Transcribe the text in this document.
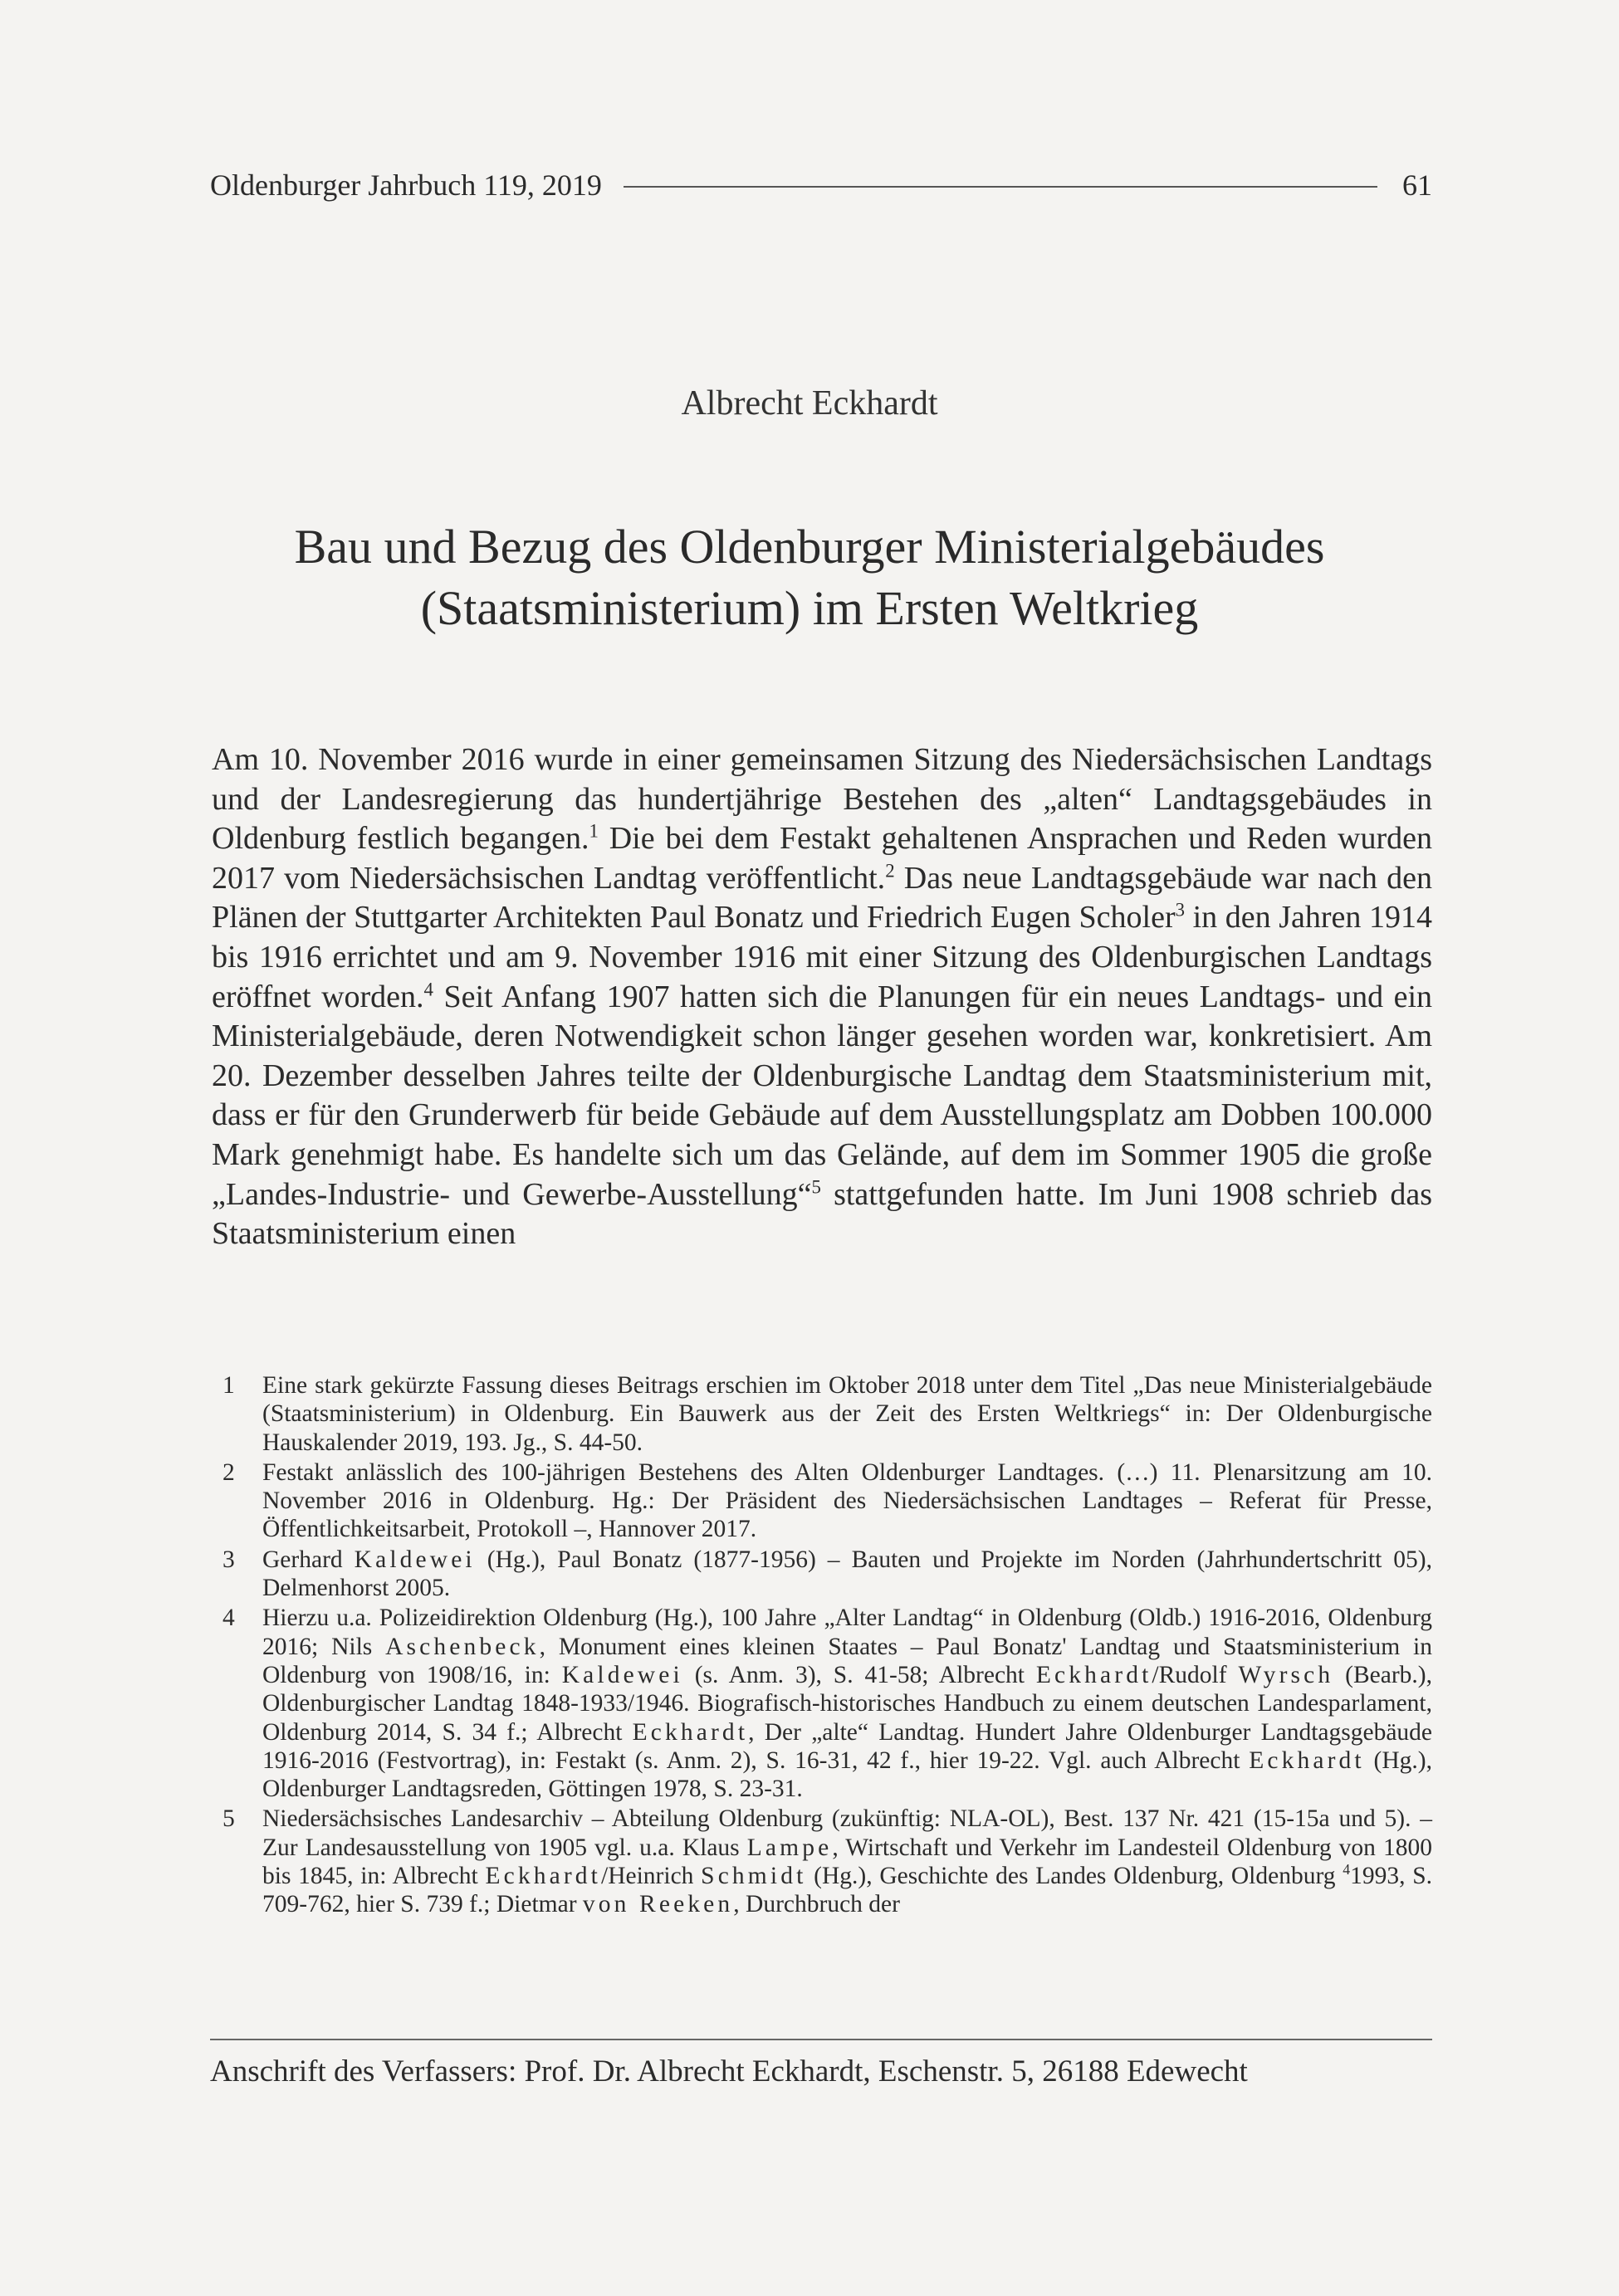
Oldenburger Jahrbuch 119, 2019	61
Albrecht Eckhardt
Bau und Bezug des Oldenburger Ministerialgebäudes
(Staatsministerium) im Ersten Weltkrieg
Am 10. November 2016 wurde in einer gemeinsamen Sitzung des Niedersächsischen Landtags und der Landesregierung das hundertjährige Bestehen des „alten“ Landtagsgebäudes in Oldenburg festlich begangen.$^1$ Die bei dem Festakt gehaltenen Ansprachen und Reden wurden 2017 vom Niedersächsischen Landtag veröffentlicht.$^2$ Das neue Landtagsgebäude war nach den Plänen der Stuttgarter Architekten Paul Bonatz und Friedrich Eugen Scholer$^3$ in den Jahren 1914 bis 1916 errichtet und am 9. November 1916 mit einer Sitzung des Oldenburgischen Landtags eröffnet worden.$^4$ Seit Anfang 1907 hatten sich die Planungen für ein neues Landtags- und ein Ministerialgebäude, deren Notwendigkeit schon länger gesehen worden war, konkretisiert. Am 20. Dezember desselben Jahres teilte der Oldenburgische Landtag dem Staatsministerium mit, dass er für den Grunderwerb für beide Gebäude auf dem Ausstellungsplatz am Dobben 100.000 Mark genehmigt habe. Es handelte sich um das Gelände, auf dem im Sommer 1905 die große „Landes-Industrie- und Gewerbe-Ausstellung“$^5$ stattgefunden hatte. Im Juni 1908 schrieb das Staatsministerium einen
1	Eine stark gekürzte Fassung dieses Beitrags erschien im Oktober 2018 unter dem Titel „Das neue Ministerialgebäude (Staatsministerium) in Oldenburg. Ein Bauwerk aus der Zeit des Ersten Weltkriegs“ in: Der Oldenburgische Hauskalender 2019, 193. Jg., S. 44-50.
2	Festakt anlässlich des 100-jährigen Bestehens des Alten Oldenburger Landtages. (…) 11. Plenarsitzung am 10. November 2016 in Oldenburg. Hg.: Der Präsident des Niedersächsischen Landtages – Referat für Presse, Öffentlichkeitsarbeit, Protokoll –, Hannover 2017.
3	Gerhard Kaldewei (Hg.), Paul Bonatz (1877-1956) – Bauten und Projekte im Norden (Jahrhundertschritt 05), Delmenhorst 2005.
4	Hierzu u.a. Polizeidirektion Oldenburg (Hg.), 100 Jahre „Alter Landtag“ in Oldenburg (Oldb.) 1916-2016, Oldenburg 2016; Nils Aschenbeck, Monument eines kleinen Staates – Paul Bonatz' Landtag und Staatsministerium in Oldenburg von 1908/16, in: Kaldewei (s. Anm. 3), S. 41-58; Albrecht Eckhardt/Rudolf Wyrsch (Bearb.), Oldenburgischer Landtag 1848-1933/1946. Biografisch-historisches Handbuch zu einem deutschen Landesparlament, Oldenburg 2014, S. 34 f.; Albrecht Eckhardt, Der „alte“ Landtag. Hundert Jahre Oldenburger Landtagsgebäude 1916-2016 (Festvortrag), in: Festakt (s. Anm. 2), S. 16-31, 42 f., hier 19-22. Vgl. auch Albrecht Eckhardt (Hg.), Oldenburger Landtagsreden, Göttingen 1978, S. 23-31.
5	Niedersächsisches Landesarchiv – Abteilung Oldenburg (zukünftig: NLA-OL), Best. 137 Nr. 421 (15-15a und 5). – Zur Landesausstellung von 1905 vgl. u.a. Klaus Lampe, Wirtschaft und Verkehr im Landesteil Oldenburg von 1800 bis 1845, in: Albrecht Eckhardt/Heinrich Schmidt (Hg.), Geschichte des Landes Oldenburg, Oldenburg $^4$1993, S. 709-762, hier S. 739 f.; Dietmar von Reeken, Durchbruch der
Anschrift des Verfassers: Prof. Dr. Albrecht Eckhardt, Eschenstr. 5, 26188 Edewecht
